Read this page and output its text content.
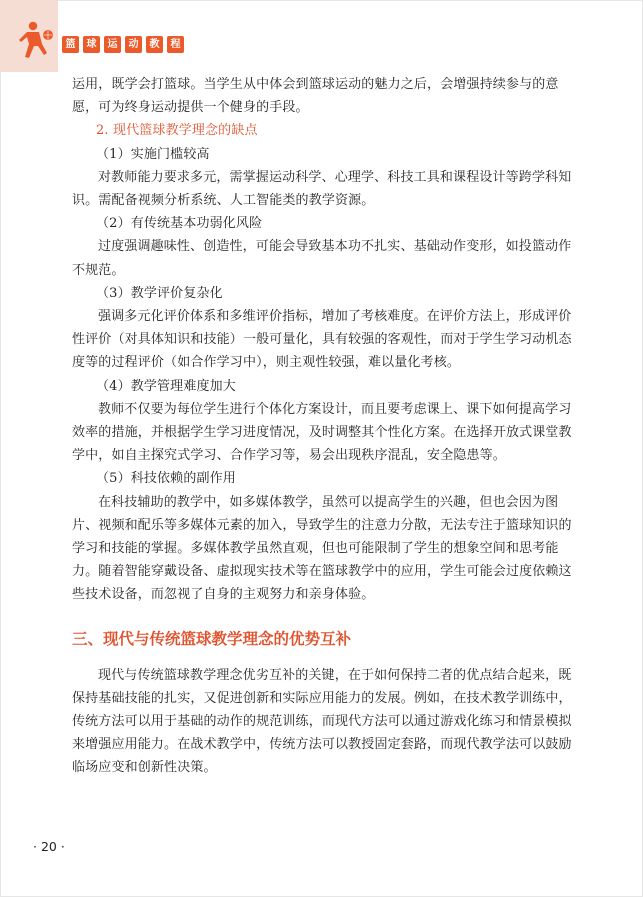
篮	球	运	动	教	程

运用，既学会打篮球。当学生从中体会到篮球运动的魅力之后，会增强持续参与的意愿，可为终身运动提供一个健身的手段。

2. 现代篮球教学理念的缺点

（1）实施门槛较高

对教师能力要求多元，需掌握运动科学、心理学、科技工具和课程设计等跨学科知识。需配备视频分析系统、人工智能类的教学资源。

（2）有传统基本功弱化风险

过度强调趣味性、创造性，可能会导致基本功不扎实、基础动作变形，如投篮动作不规范。

（3）教学评价复杂化

强调多元化评价体系和多维评价指标，增加了考核难度。在评价方法上，形成评价性评价（对具体知识和技能）一般可量化，具有较强的客观性，而对于学生学习动机态度等的过程评价（如合作学习中），则主观性较强，难以量化考核。

（4）教学管理难度加大

教师不仅要为每位学生进行个体化方案设计，而且要考虑课上、课下如何提高学习效率的措施，并根据学生学习进度情况，及时调整其个性化方案。在选择开放式课堂教学中，如自主探究式学习、合作学习等，易会出现秩序混乱，安全隐患等。

（5）科技依赖的副作用

在科技辅助的教学中，如多媒体教学，虽然可以提高学生的兴趣，但也会因为图片、视频和配乐等多媒体元素的加入，导致学生的注意力分散，无法专注于篮球知识的学习和技能的掌握。多媒体教学虽然直观，但也可能限制了学生的想象空间和思考能力。随着智能穿戴设备、虚拟现实技术等在篮球教学中的应用，学生可能会过度依赖这些技术设备，而忽视了自身的主观努力和亲身体验。

三、现代与传统篮球教学理念的优势互补

现代与传统篮球教学理念优劣互补的关键，在于如何保持二者的优点结合起来，既保持基础技能的扎实，又促进创新和实际应用能力的发展。例如，在技术教学训练中，传统方法可以用于基础的动作的规范训练，而现代方法可以通过游戏化练习和情景模拟来增强应用能力。在战术教学中，传统方法可以教授固定套路，而现代教学法可以鼓励临场应变和创新性决策。

· 20 ·
